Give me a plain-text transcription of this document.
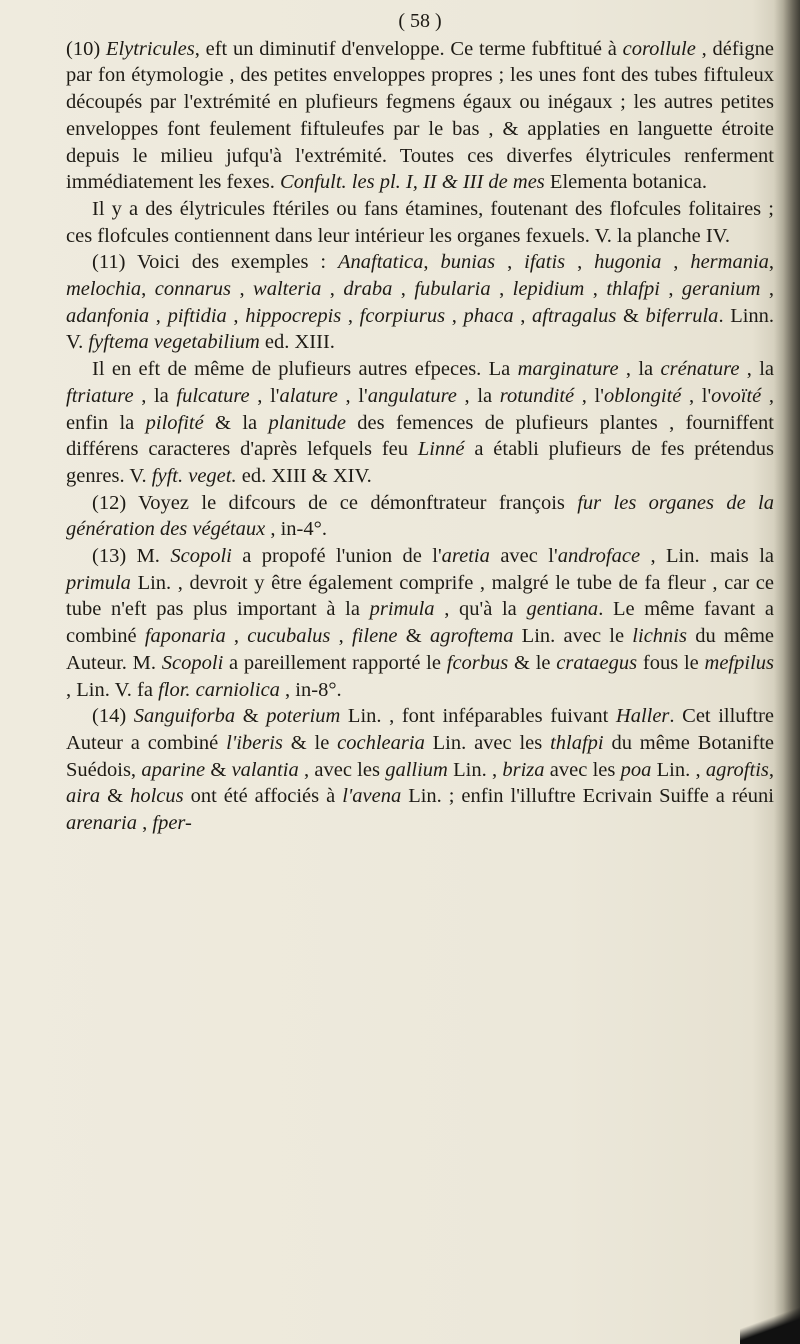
( 58 )

(10) Elytricules, eft un diminutif d'enveloppe. Ce terme fubftitué à corollule , défigne par fon étymologie , des petites enveloppes propres ; les unes font des tubes fiftuleux découpés par l'extrémité en plufieurs fegmens égaux ou inégaux ; les autres petites enveloppes font feulement fiftuleufes par le bas , & applaties en languette étroite depuis le milieu jufqu'à l'extrémité. Toutes ces diverfes élytricules renferment immédiatement les fexes. Confult. les pl. I, II & III de mes Elementa botanica.

Il y a des élytricules ftériles ou fans étamines, foutenant des flofcules folitaires ; ces flofcules contiennent dans leur intérieur les organes fexuels. V. la planche IV.

(11) Voici des exemples : Anaftatica, bunias , ifatis , hugonia , hermania, melochia, connarus , walteria , draba , fubularia , lepidium , thlafpi , geranium , adanfonia , piftidia , hippocrepis , fcorpiurus , phaca , aftragalus & biferrula. Linn. V. fyftema vegetabilium ed. XIII.

Il en eft de même de plufieurs autres efpeces. La marginature , la crénature , la ftriature , la fulcature , l'alature , l'angulature , la rotundité , l'oblongité , l'ovoïté , enfin la pilofité & la planitude des femences de plufieurs plantes , fourniffent différens caracteres d'après lefquels feu Linné a établi plufieurs de fes prétendus genres. V. fyft. veget. ed. XIII & XIV.

(12) Voyez le difcours de ce démonftrateur françois fur les organes de la génération des végétaux , in-4°.

(13) M. Scopoli a propofé l'union de l'aretia avec l'androface , Lin. mais la primula Lin. , devroit y être également comprife , malgré le tube de fa fleur , car ce tube n'eft pas plus important à la primula , qu'à la gentiana. Le même favant a combiné faponaria , cucubalus , filene & agroftema Lin. avec le lichnis du même Auteur. M. Scopoli a pareillement rapporté le fcorbus & le crataegus fous le mefpilus , Lin. V. fa flor. carniolica , in-8°.

(14) Sanguiforba & poterium Lin. , font inféparables fuivant Haller. Cet illuftre Auteur a combiné l'iberis & le cochlearia Lin. avec les thlafpi du même Botanifte Suédois, aparine & valantia , avec les gallium Lin. , briza avec les poa Lin. , agroftis, aira & holcus ont été affociés à l'avena Lin. ; enfin l'illuftre Ecrivain Suiffe a réuni arenaria , fper-
